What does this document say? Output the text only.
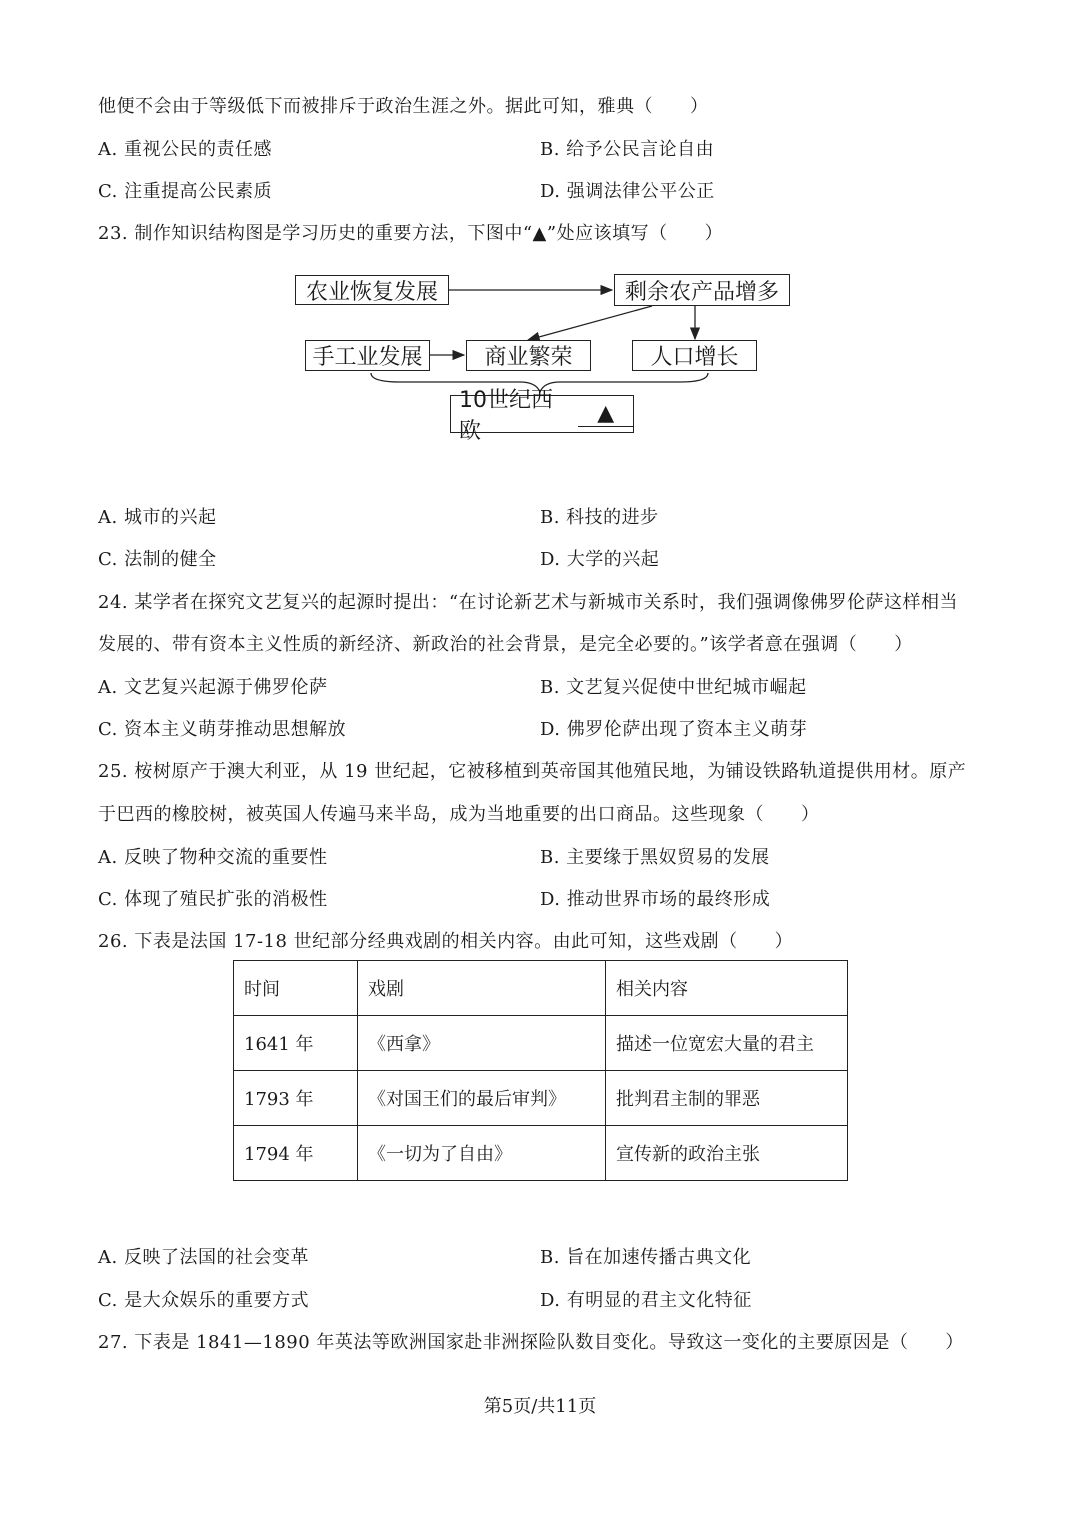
他便不会由于等级低下而被排斥于政治生涯之外。据此可知，雅典（　　）
A. 重视公民的责任感	B. 给予公民言论自由
C. 注重提高公民素质	D. 强调法律公平公正
23. 制作知识结构图是学习历史的重要方法，下图中“▲”处应该填写（　　）
农业恢复发展	剩余农产品增多
手工业发展	商业繁荣	人口增长
10世纪西欧
▲
A. 城市的兴起	B. 科技的进步
C. 法制的健全	D. 大学的兴起
24. 某学者在探究文艺复兴的起源时提出：“在讨论新艺术与新城市关系时，我们强调像佛罗伦萨这样相当
发展的、带有资本主义性质的新经济、新政治的社会背景，是完全必要的。”该学者意在强调（　　）
A. 文艺复兴起源于佛罗伦萨	B. 文艺复兴促使中世纪城市崛起
C. 资本主义萌芽推动思想解放	D. 佛罗伦萨出现了资本主义萌芽
25. 桉树原产于澳大利亚，从 19 世纪起，它被移植到英帝国其他殖民地，为铺设铁路轨道提供用材。原产
于巴西的橡胶树，被英国人传遍马来半岛，成为当地重要的出口商品。这些现象（　　）
A. 反映了物种交流的重要性	B. 主要缘于黑奴贸易的发展
C. 体现了殖民扩张的消极性	D. 推动世界市场的最终形成
26. 下表是法国 17-18 世纪部分经典戏剧的相关内容。由此可知，这些戏剧（　　）
时间	戏剧	相关内容
1641 年	《西拿》	描述一位宽宏大量的君主
1793 年	《对国王们的最后审判》	批判君主制的罪恶
1794 年	《一切为了自由》	宣传新的政治主张
A. 反映了法国的社会变革	B. 旨在加速传播古典文化
C. 是大众娱乐的重要方式	D. 有明显的君主文化特征
27. 下表是 1841—1890 年英法等欧洲国家赴非洲探险队数目变化。导致这一变化的主要原因是（　　）
第5页/共11页
